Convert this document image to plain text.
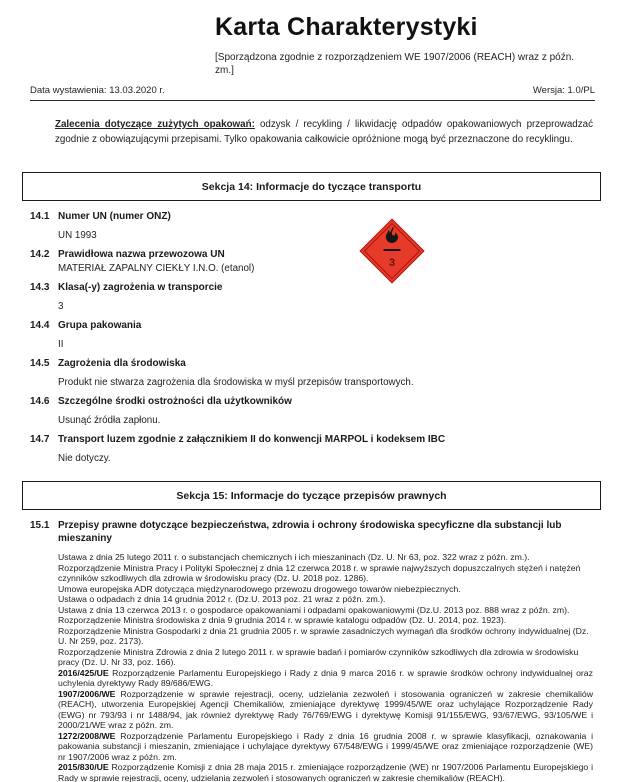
Karta Charakterystyki
[Sporządzona zgodnie z rozporządzeniem WE 1907/2006 (REACH) wraz z późn. zm.]
Data wystawienia: 13.03.2020 r.	Wersja: 1.0/PL

Zalecenia dotyczące zużytych opakowań: odzysk / recykling / likwidację odpadów opakowaniowych przeprowadzać zgodnie z obowiązującymi przepisami. Tylko opakowania całkowicie opróżnione mogą być przeznaczone do recyklingu.

Sekcja 14: Informacje do tyczące transportu
14.1 Numer UN (numer ONZ)
UN 1993
14.2 Prawidłowa nazwa przewozowa UN
MATERIAŁ ZAPALNY CIEKŁY I.N.O. (etanol)
14.3 Klasa(-y) zagrożenia w transporcie
3
14.4 Grupa pakowania
II
14.5 Zagrożenia dla środowiska
Produkt nie stwarza zagrożenia dla środowiska w myśl przepisów transportowych.
14.6 Szczególne środki ostrożności dla użytkowników
Usunąć źródła zapłonu.
14.7 Transport luzem zgodnie z załącznikiem II do konwencji MARPOL i kodeksem IBC
Nie dotyczy.
3
Sekcja 15: Informacje do tyczące przepisów prawnych
15.1 Przepisy prawne dotyczące bezpieczeństwa, zdrowia i ochrony środowiska specyficzne dla substancji lub mieszaniny

Ustawa z dnia 25 lutego 2011 r. o substancjach chemicznych i ich mieszaninach (Dz. U. Nr 63, poz. 322 wraz z późn. zm.).

Rozporządzenie Ministra Pracy i Polityki Społecznej z dnia 12 czerwca 2018 r. w sprawie najwyższych dopuszczalnych stężeń i natężeń czynników szkodliwych dla zdrowia w środowisku pracy (Dz. U. 2018 poz. 1286).

Umowa europejska ADR dotycząca międzynarodowego przewozu drogowego towarów niebezpiecznych.

Ustawa o odpadach z dnia 14 grudnia 2012 r. (Dz.U. 2013 poz. 21 wraz z późn. zm.).

Ustawa z dnia 13 czerwca 2013 r. o gospodarce opakowaniami i odpadami opakowaniowymi (Dz.U. 2013 poz. 888 wraz z późn. zm).

Rozporządzenie Ministra środowiska z dnia 9 grudnia 2014 r. w sprawie katalogu odpadów (Dz. U. 2014, poz. 1923).

Rozporządzenie Ministra Gospodarki z dnia 21 grudnia 2005 r. w sprawie zasadniczych wymagań dla środków ochrony indywidualnej (Dz. U. Nr 259, poz. 2173).

Rozporządzenie Ministra Zdrowia z dnia 2 lutego 2011 r. w sprawie badań i pomiarów czynników szkodliwych dla zdrowia w środowisku pracy (Dz. U. Nr 33, poz. 166).

2016/425/UE Rozporządzenie Parlamentu Europejskiego i Rady z dnia 9 marca 2016 r. w sprawie środków ochrony indywidualnej oraz uchylenia dyrektywy Rady 89/686/EWG.

1907/2006/WE Rozporządzenie w sprawie rejestracji, oceny, udzielania zezwoleń i stosowania ograniczeń w zakresie chemikaliów (REACH), utworzenia Europejskiej Agencji Chemikaliów, zmieniające dyrektywę 1999/45/WE oraz uchylające Rozporządzenie Rady (EWG) nr 793/93 i nr 1488/94, jak również dyrektywę Rady 76/769/EWG i dyrektywę Komisji 91/155/EWG, 93/67/EWG, 93/105/WE i 2000/21/WE wraz z późn. zm.

1272/2008/WE Rozporządzenie Parlamentu Europejskiego i Rady z dnia 16 grudnia 2008 r. w sprawie klasyfikacji, oznakowania i pakowania substancji i mieszanin, zmieniające i uchylające dyrektywy 67/548/EWG i 1999/45/WE oraz zmieniające rozporządzenie (WE) nr 1907/2006 wraz z późn. zm.

2015/830/UE Rozporządzenie Komisji z dnia 28 maja 2015 r. zmieniające rozporządzenie (WE) nr 1907/2006 Parlamentu Europejskiego i Rady w sprawie rejestracji, oceny, udzielania zezwoleń i stosowanych ograniczeń w zakresie chemikaliów (REACH).
